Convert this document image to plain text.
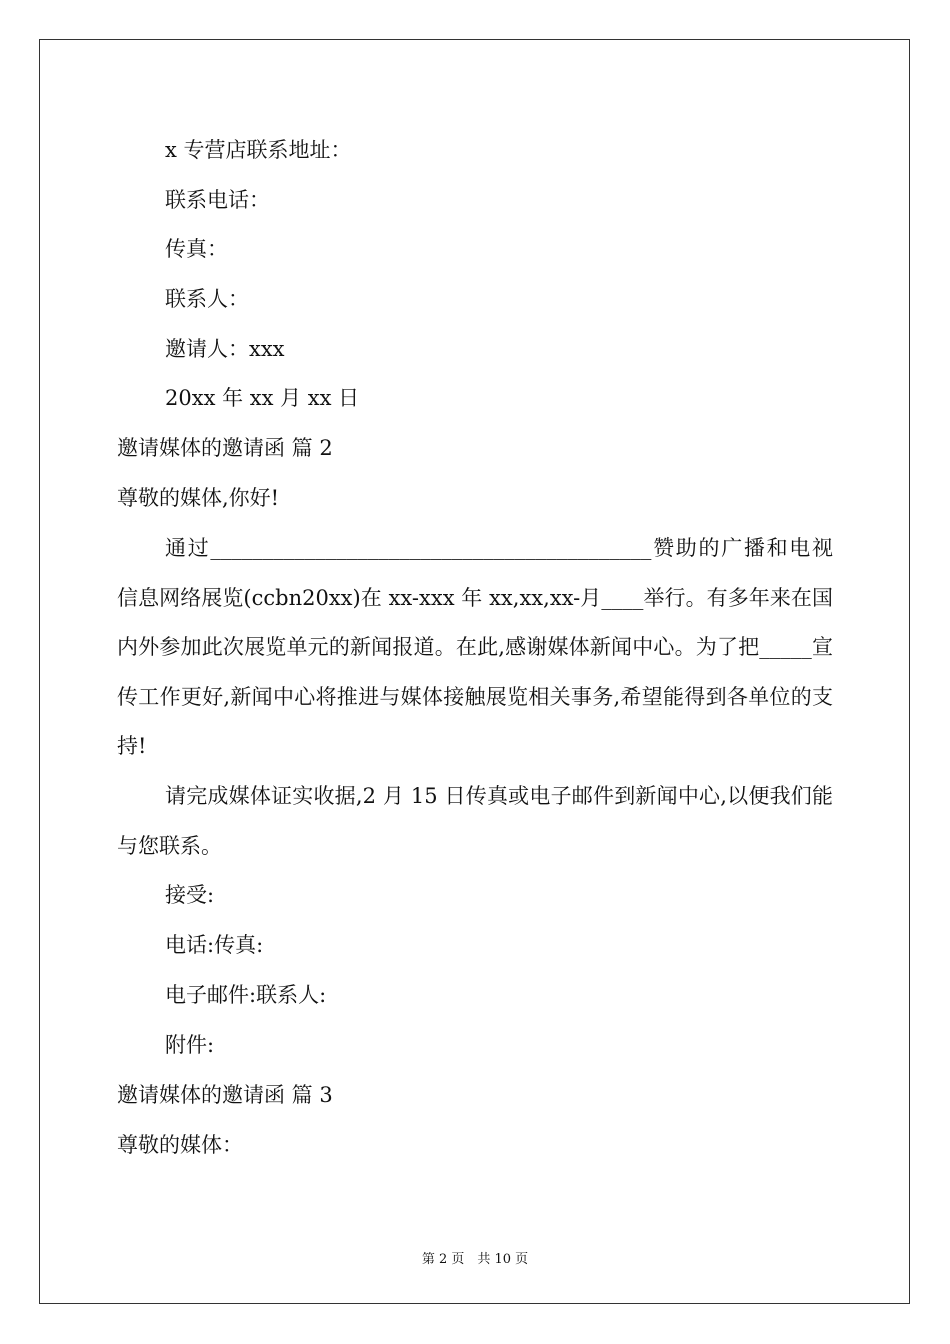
x 专营店联系地址：
联系电话：
传真：
联系人：
邀请人：xxx
20xx 年 xx 月 xx 日
邀请媒体的邀请函 篇 2
尊敬的媒体,你好!
通过__________________________________________赞助的广播和电视信息网络展览(ccbn20xx)在 xx-xxx 年 xx,xx,xx-月____举行。有多年来在国内外参加此次展览单元的新闻报道。在此,感谢媒体新闻中心。为了把_____宣传工作更好,新闻中心将推进与媒体接触展览相关事务,希望能得到各单位的支持!
请完成媒体证实收据,2 月 15 日传真或电子邮件到新闻中心,以便我们能与您联系。
接受:
电话:传真:
电子邮件:联系人:
附件:
邀请媒体的邀请函 篇 3
尊敬的媒体：
第 2 页　共 10 页
